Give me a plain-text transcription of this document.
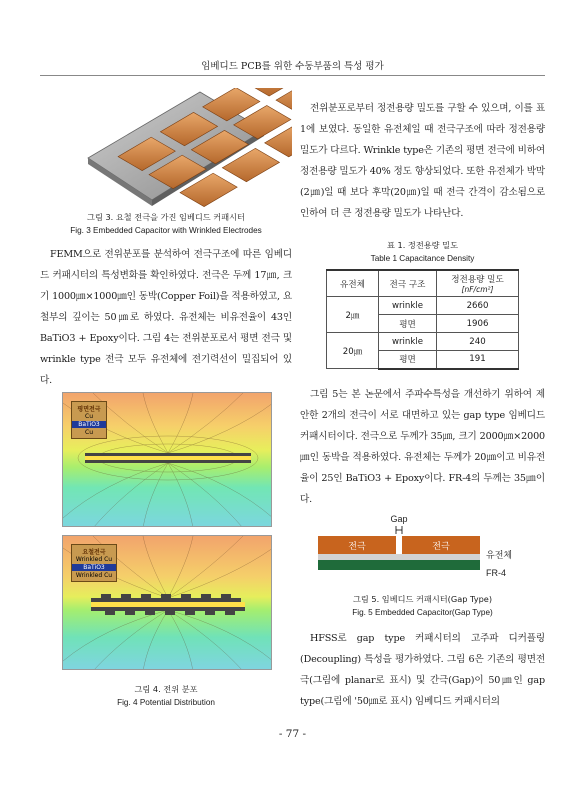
임베디드 PCB를 위한 수동부품의 특성 평가
그림 3. 요철 전극을 가진 임베디드 커패시터
Fig. 3 Embedded Capacitor with Wrinkled Electrodes
FEMM으로 전위분포를 분석하여 전극구조에 따른 임베디드 커패시터의 특성변화를 확인하였다. 전극은 두께 17㎛, 크기 1000㎛×1000㎛인 동박(Copper Foil)을 적용하였고, 요철부의 깊이는 50㎛로 하였다. 유전체는 비유전율이 43인 BaTiO3 + Epoxy이다. 그림 4는 전위분포로서 평면 전극 및 wrinkle type 전극 모두 유전체에 전기력선이 밀집되어 있다.
평면전극
Cu
BaTiO3
Cu
요철전극
Wrinkled Cu
BaTiO3
Wrinkled Cu
그림 4. 전위 분포
Fig. 4 Potential Distribution
전위분포로부터 정전용량 밀도를 구할 수 있으며, 이를 표 1에 보였다. 동일한 유전체일 때 전극구조에 따라 정전용량 밀도가 다르다. Wrinkle type은 기존의 평면 전극에 비하여 정전용량 밀도가 40% 정도 향상되었다. 또한 유전체가 박막(2㎛)일 때 보다 후막(20㎛)일 때 전극 간격이 감소됨으로 인하여 더 큰 정전용량 밀도가 나타난다.
표 1. 정전용량 밀도
Table 1 Capacitance Density
유전체	전극 구조	정전용량 밀도
[nF/cm²]

2㎛	wrinkle	2660
	평면	1906
20㎛	wrinkle	240
	평면	191
그림 5는 본 논문에서 주파수특성을 개선하기 위하여 제안한 2개의 전극이 서로 대면하고 있는 gap type 임베디드 커패시터이다. 전극으로 두께가 35㎛, 크기 2000㎛×2000㎛인 동박을 적용하였다. 유전체는 두께가 20㎛이고 비유전율이 25인 BaTiO3 + Epoxy이다. FR-4의 두께는 35㎛이다.
Gap
전극	전극
유전체
FR-4
그림 5. 임베디드 커패시터(Gap Type)
Fig. 5 Embedded Capacitor(Gap Type)
HFSS로 gap type 커패시터의 고주파 디커플링(Decoupling) 특성을 평가하였다. 그림 6은 기존의 평면전극(그림에 planar로 표시) 및 간극(Gap)이 50㎛인 gap type(그림에 '50㎛로 표시) 임베디드 커패시터의
- 77 -
